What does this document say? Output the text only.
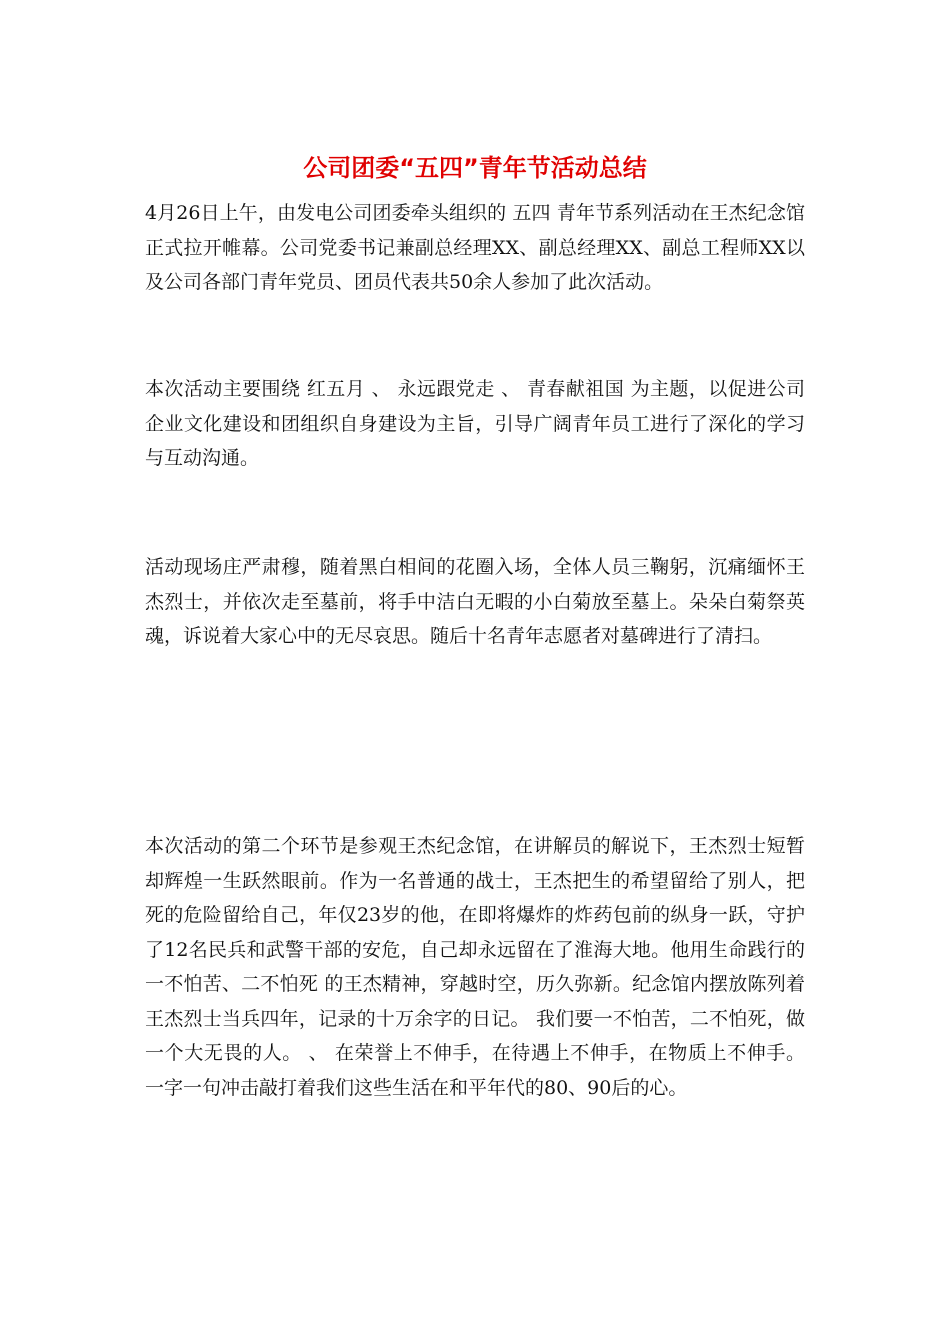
公司团委“五四”青年节活动总结

4月26日上午，由发电公司团委牵头组织的 五四 青年节系列活动在王杰纪念馆正式拉开帷幕。公司党委书记兼副总经理XX、副总经理XX、副总工程师XX以及公司各部门青年党员、团员代表共50余人参加了此次活动。

本次活动主要围绕 红五月 、 永远跟党走 、 青春献祖国 为主题，以促进公司企业文化建设和团组织自身建设为主旨，引导广阔青年员工进行了深化的学习与互动沟通。

活动现场庄严肃穆，随着黑白相间的花圈入场，全体人员三鞠躬，沉痛缅怀王杰烈士，并依次走至墓前，将手中洁白无暇的小白菊放至墓上。朵朵白菊祭英魂，诉说着大家心中的无尽哀思。随后十名青年志愿者对墓碑进行了清扫。

本次活动的第二个环节是参观王杰纪念馆，在讲解员的解说下，王杰烈士短暂却辉煌一生跃然眼前。作为一名普通的战士，王杰把生的希望留给了别人，把死的危险留给自己，年仅23岁的他，在即将爆炸的炸药包前的纵身一跃，守护了12名民兵和武警干部的安危，自己却永远留在了淮海大地。他用生命践行的 一不怕苦、二不怕死 的王杰精神，穿越时空，历久弥新。纪念馆内摆放陈列着王杰烈士当兵四年，记录的十万余字的日记。 我们要一不怕苦，二不怕死，做一个大无畏的人。 、 在荣誉上不伸手，在待遇上不伸手，在物质上不伸手。 一字一句冲击敲打着我们这些生活在和平年代的80、90后的心。
